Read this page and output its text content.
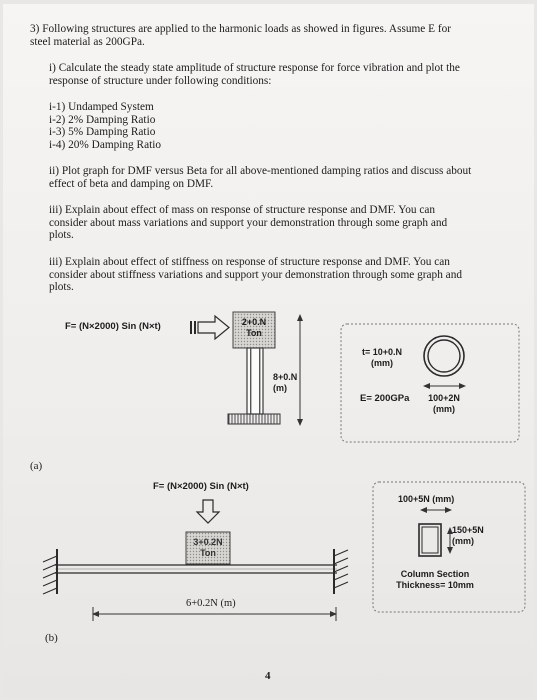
3) Following structures are applied to the harmonic loads as showed in figures. Assume E for
steel material as 200GPa.
i) Calculate the steady state amplitude of structure response for force vibration and plot the
response of structure under following conditions:
i-1) Undamped System
i-2) 2% Damping Ratio
i-3) 5% Damping Ratio
i-4) 20% Damping Ratio
ii) Plot graph for DMF versus Beta for all above-mentioned damping ratios and discuss about
effect of beta and damping on DMF.
iii) Explain about effect of mass on response of structure response and DMF. You can
consider about mass variations and support your demonstration through some graph and
plots.
iii) Explain about effect of stiffness on response of structure response and DMF. You can
consider about stiffness variations and support your demonstration through some graph and
plots.
F= (N×2000) Sin (N×t)	2+0.N
Ton
8+0.N
(m)
t= 10+0.N
(mm)
E= 200GPa	100+2N
(mm)
(a)
F= (N×2000) Sin (N×t)
3+0.2N
Ton
6+0.2N (m)
100+5N (mm)
150+5N
(mm)
Column Section
Thickness= 10mm
(b)
4
